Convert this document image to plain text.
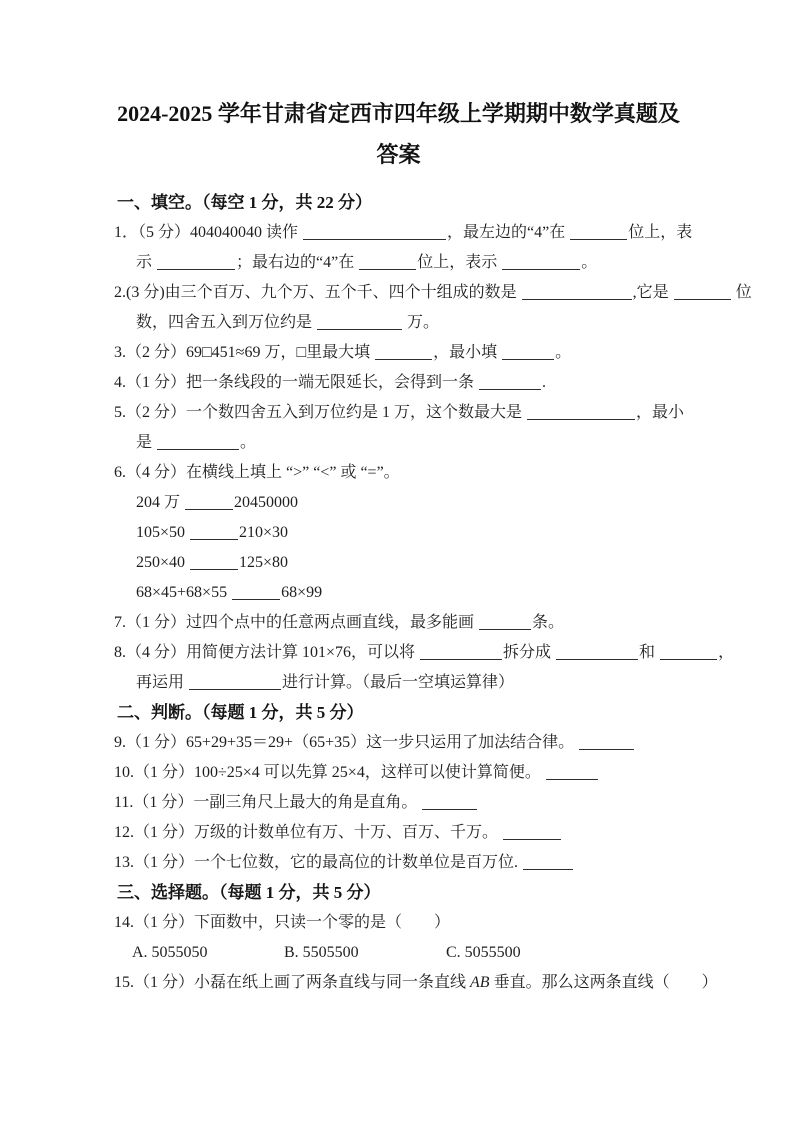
2024-2025 学年甘肃省定西市四年级上学期期中数学真题及
答案
一、填空。（每空 1 分，共 22 分）
1．（5 分）404040040 读作	，最左边的“4”在	位上，表
示	；最右边的“4”在	位上，表示	。
2.(3 分)由三个百万、九个万、五个千、四个十组成的数是	,它是	位
数，四舍五入到万位约是	万。
3.（2 分）69□451≈69 万，□里最大填	，最小填	。
4.（1 分）把一条线段的一端无限延长，会得到一条	.
5.（2 分）一个数四舍五入到万位约是 1 万，这个数最大是	，最小
是	。
6.（4 分）在横线上填上 “>” “<” 或 “=”。
204 万	20450000
105×50	210×30
250×40	125×80
68×45+68×55	68×99
7.（1 分）过四个点中的任意两点画直线，最多能画	条。
8.（4 分）用简便方法计算 101×76，可以将	拆分成	和	，
再运用	进行计算。（最后一空填运算律）
二、判断。（每题 1 分，共 5 分）
9.（1 分）65+29+35＝29+（65+35）这一步只运用了加法结合律。
10.（1 分）100÷25×4 可以先算 25×4，这样可以使计算简便。
11.（1 分）一副三角尺上最大的角是直角。
12.（1 分）万级的计数单位有万、十万、百万、千万。
13.（1 分）一个七位数，它的最高位的计数单位是百万位.
三、选择题。（每题 1 分，共 5 分）
14.（1 分）下面数中，只读一个零的是（　　）
A. 5055050	B. 5505500	C. 5055500
15.（1 分）小磊在纸上画了两条直线与同一条直线 AB 垂直。那么这两条直线（　　）
